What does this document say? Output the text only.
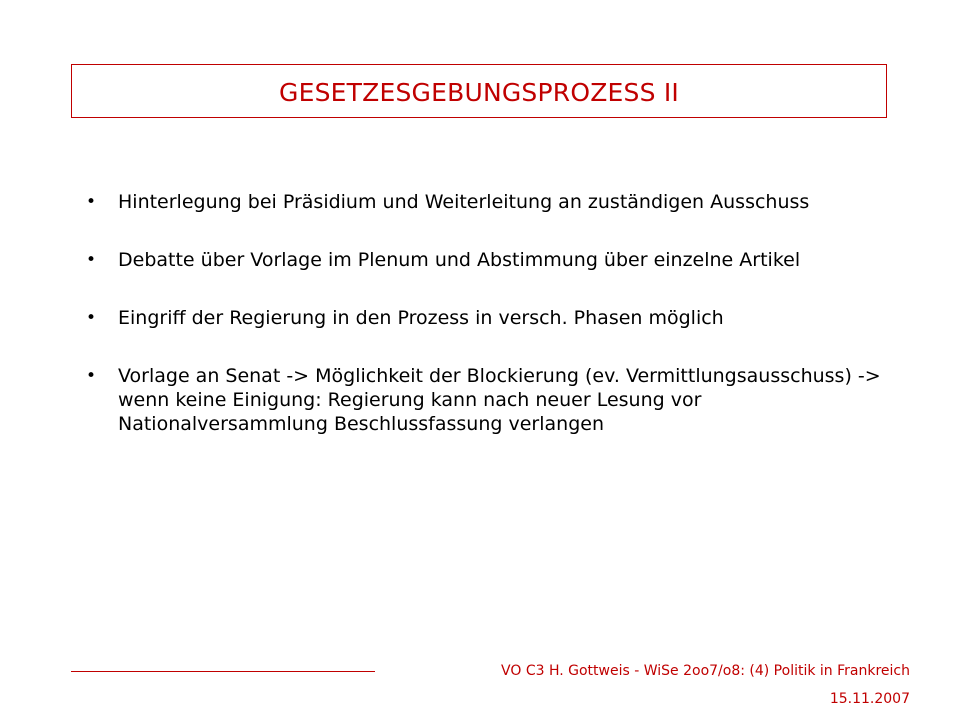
GESETZESGEBUNGSPROZESS II
•	Hinterlegung bei Präsidium und Weiterleitung an zuständigen Ausschuss
•	Debatte über Vorlage im Plenum und Abstimmung über einzelne Artikel
•	Eingriff der Regierung in den Prozess in versch. Phasen möglich
•	Vorlage an Senat -> Möglichkeit der Blockierung (ev. Vermittlungsausschuss) -> wenn keine Einigung: Regierung kann nach neuer Lesung vor Nationalversammlung Beschlussfassung verlangen
VO C3 H. Gottweis - WiSe 2oo7/o8: (4) Politik in Frankreich
15.11.2007
